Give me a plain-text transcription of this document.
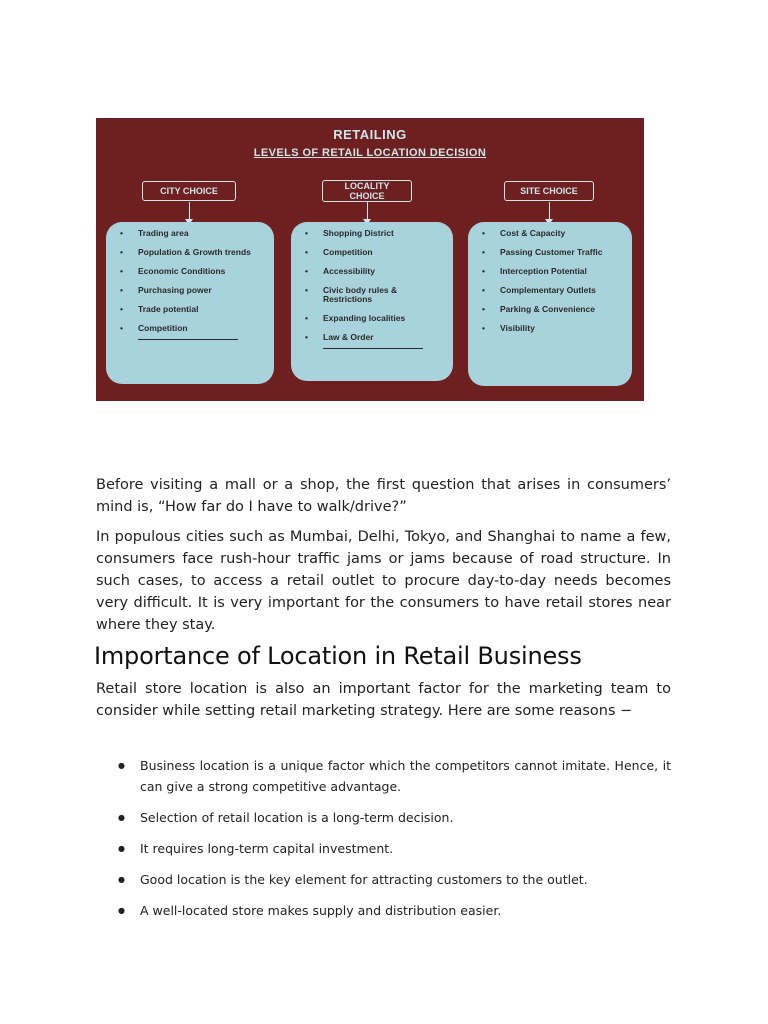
RETAILING
LEVELS OF RETAIL LOCATION DECISION
CITY CHOICE	LOCALITY CHOICE	SITE CHOICE
• Trading area
• Population & Growth trends
• Economic Conditions
• Purchasing power
• Trade potential
• Competition
• Shopping District
• Competition
• Accessibility
• Civic body rules & Restrictions
• Expanding localities
• Law & Order
• Cost & Capacity
• Passing Customer Traffic
• Interception Potential
• Complementary Outlets
• Parking & Convenience
• Visibility
Before visiting a mall or a shop, the first question that arises in consumers’ mind is, “How far do I have to walk/drive?”
In populous cities such as Mumbai, Delhi, Tokyo, and Shanghai to name a few, consumers face rush-hour traffic jams or jams because of road structure. In such cases, to access a retail outlet to procure day-to-day needs becomes very difficult. It is very important for the consumers to have retail stores near where they stay.
Importance of Location in Retail Business
Retail store location is also an important factor for the marketing team to consider while setting retail marketing strategy. Here are some reasons −
● Business location is a unique factor which the competitors cannot imitate. Hence, it can give a strong competitive advantage.
● Selection of retail location is a long-term decision.
● It requires long-term capital investment.
● Good location is the key element for attracting customers to the outlet.
● A well-located store makes supply and distribution easier.
